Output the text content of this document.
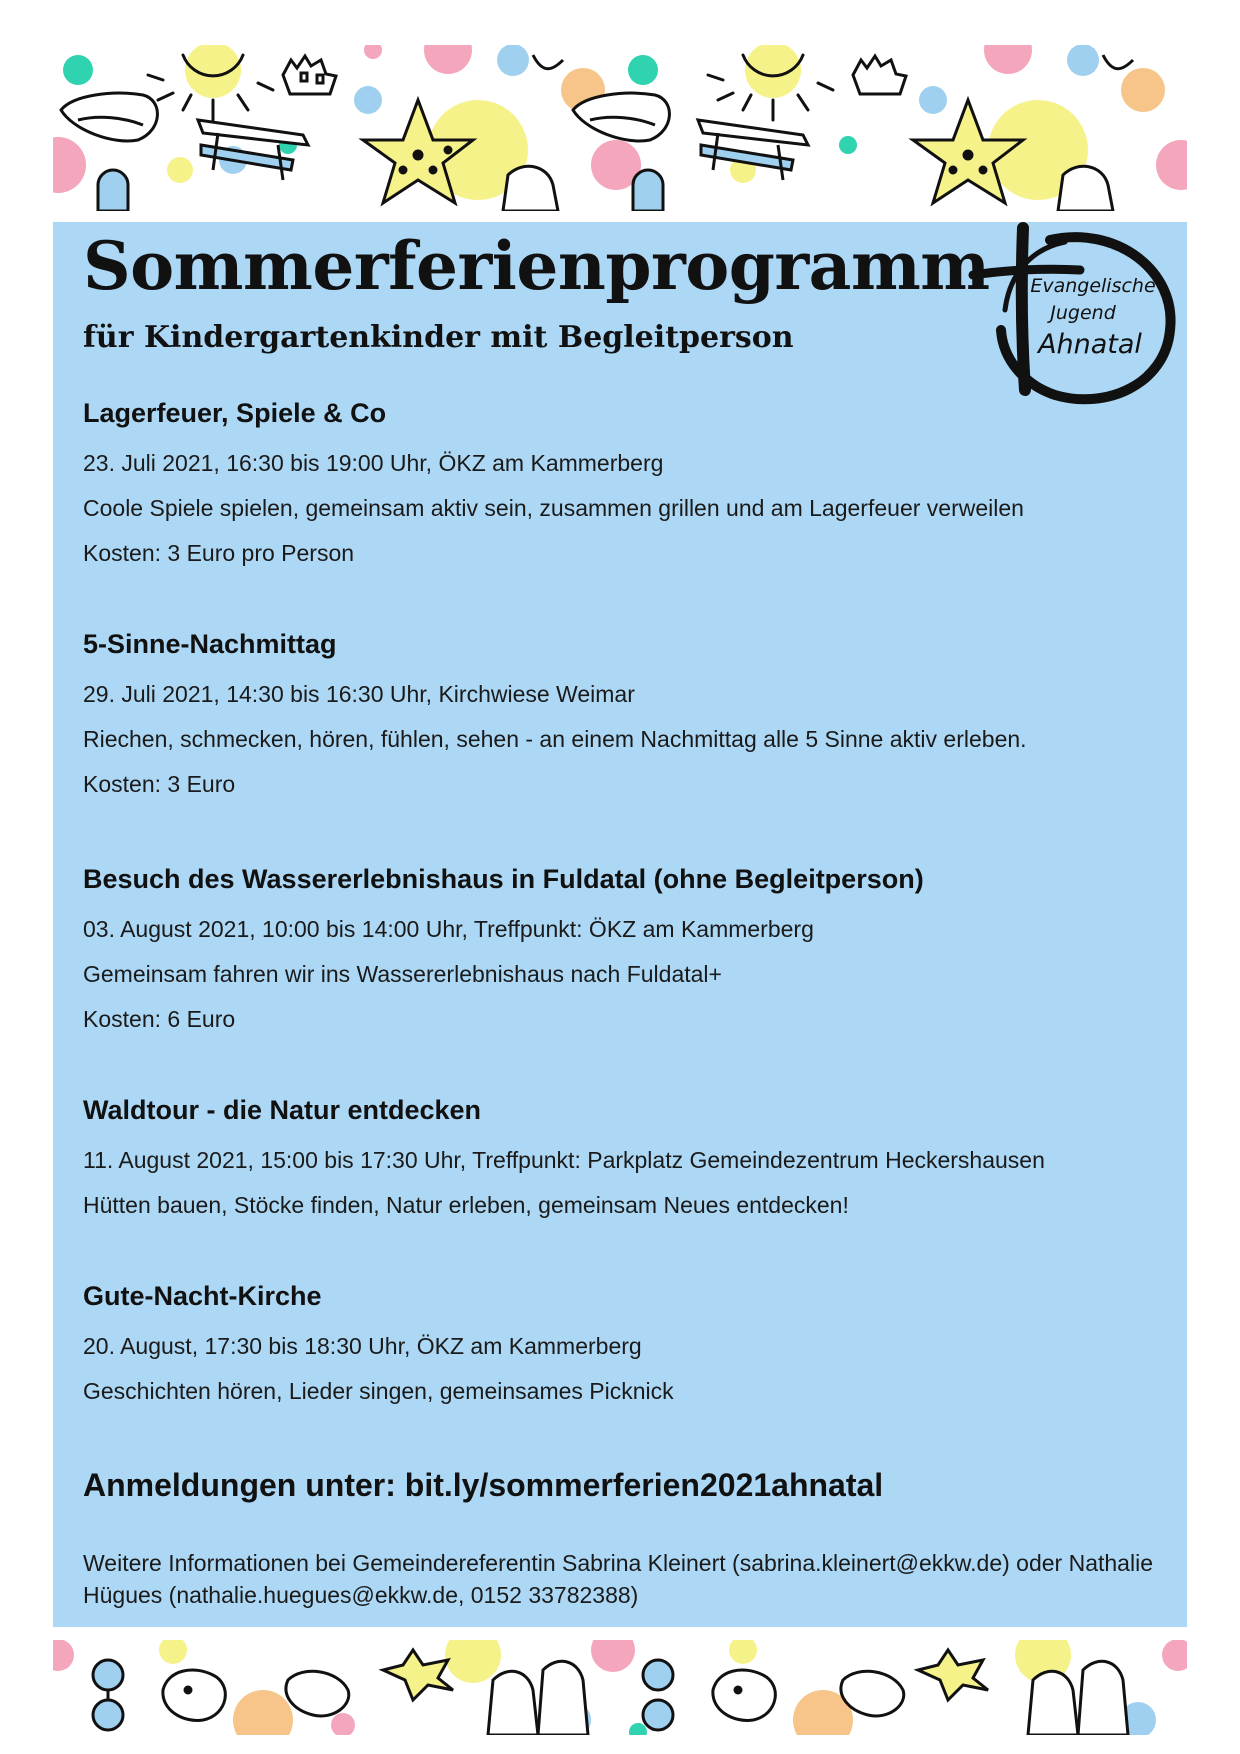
Sommerferienprogramm
für Kindergartenkinder mit Begleitperson
Evangelische
Jugend
Ahnatal
Lagerfeuer, Spiele & Co

23. Juli 2021, 16:30 bis 19:00 Uhr, ÖKZ am Kammerberg

Coole Spiele spielen, gemeinsam aktiv sein, zusammen grillen und am Lagerfeuer verweilen

Kosten: 3 Euro pro Person

5-Sinne-Nachmittag

29. Juli 2021, 14:30 bis 16:30 Uhr, Kirchwiese Weimar

Riechen, schmecken, hören, fühlen, sehen - an einem Nachmittag alle 5 Sinne aktiv erleben.

Kosten: 3 Euro

Besuch des Wassererlebnishaus in Fuldatal (ohne Begleitperson)

03. August 2021, 10:00 bis 14:00 Uhr, Treffpunkt: ÖKZ am Kammerberg

Gemeinsam fahren wir ins Wassererlebnishaus nach Fuldatal+

Kosten: 6 Euro

Waldtour - die Natur entdecken

11. August 2021, 15:00 bis 17:30 Uhr, Treffpunkt: Parkplatz Gemeindezentrum Heckershausen

Hütten bauen, Stöcke finden, Natur erleben, gemeinsam Neues entdecken!

Gute-Nacht-Kirche

20. August, 17:30 bis 18:30 Uhr, ÖKZ am Kammerberg

Geschichten hören, Lieder singen, gemeinsames Picknick

Anmeldungen unter: bit.ly/sommerferien2021ahnatal

Weitere Informationen bei Gemeindereferentin Sabrina Kleinert (sabrina.kleinert@ekkw.de) oder Nathalie Hügues (nathalie.huegues@ekkw.de, 0152 33782388)
